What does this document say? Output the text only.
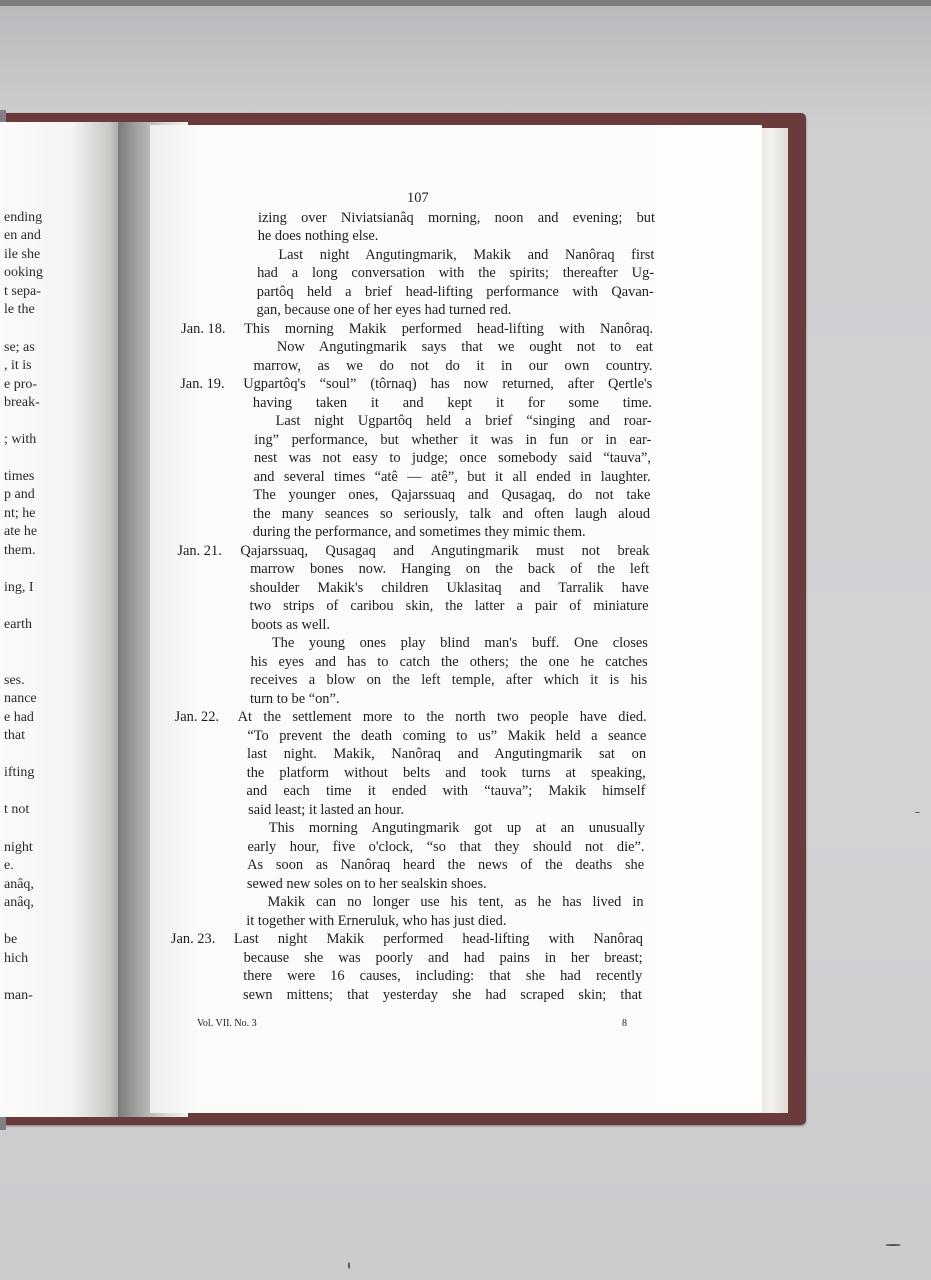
ending
en and
ile she
ooking
t sepa-
le the
se; as
, it is
e pro-
break-
; with
times
p and
nt; he
ate he
them.
ing, I
earth
ses.
nance
e had
that
ifting
t not
night
e.
anâq,
anâq,
be
hich
man-
107
izing over Niviatsianâq morning, noon and evening; but
he does nothing else.
Last night Angutingmarik, Makik and Nanôraq first
had a long conversation with the spirits; thereafter Ug-
partôq held a brief head-lifting performance with Qavan-
gan, because one of her eyes had turned red.
Jan. 18. This morning Makik performed head-lifting with Nanôraq.
Now Angutingmarik says that we ought not to eat
marrow, as we do not do it in our own country.
Jan. 19. Ugpartôq's “soul” (tôrnaq) has now returned, after Qertle's
having taken it and kept it for some time.
Last night Ugpartôq held a brief “singing and roar-
ing” performance, but whether it was in fun or in ear-
nest was not easy to judge; once somebody said “tauva”,
and several times “atê — atê”, but it all ended in laughter.
The younger ones, Qajarssuaq and Qusagaq, do not take
the many seances so seriously, talk and often laugh aloud
during the performance, and sometimes they mimic them.
Jan. 21. Qajarssuaq, Qusagaq and Angutingmarik must not break
marrow bones now. Hanging on the back of the left
shoulder Makik's children Uklasitaq and Tarralik have
two strips of caribou skin, the latter a pair of miniature
boots as well.
The young ones play blind man's buff. One closes
his eyes and has to catch the others; the one he catches
receives a blow on the left temple, after which it is his
turn to be “on”.
Jan. 22. At the settlement more to the north two people have died.
“To prevent the death coming to us” Makik held a seance
last night. Makik, Nanôraq and Angutingmarik sat on
the platform without belts and took turns at speaking,
and each time it ended with “tauva”; Makik himself
said least; it lasted an hour.
This morning Angutingmarik got up at an unusually
early hour, five o'clock, “so that they should not die”.
As soon as Nanôraq heard the news of the deaths she
sewed new soles on to her sealskin shoes.
Makik can no longer use his tent, as he has lived in
it together with Erneruluk, who has just died.
Jan. 23. Last night Makik performed head-lifting with Nanôraq
because she was poorly and had pains in her breast;
there were 16 causes, including: that she had recently
sewn mittens; that yesterday she had scraped skin; that
Vol. VII. No. 3	8
